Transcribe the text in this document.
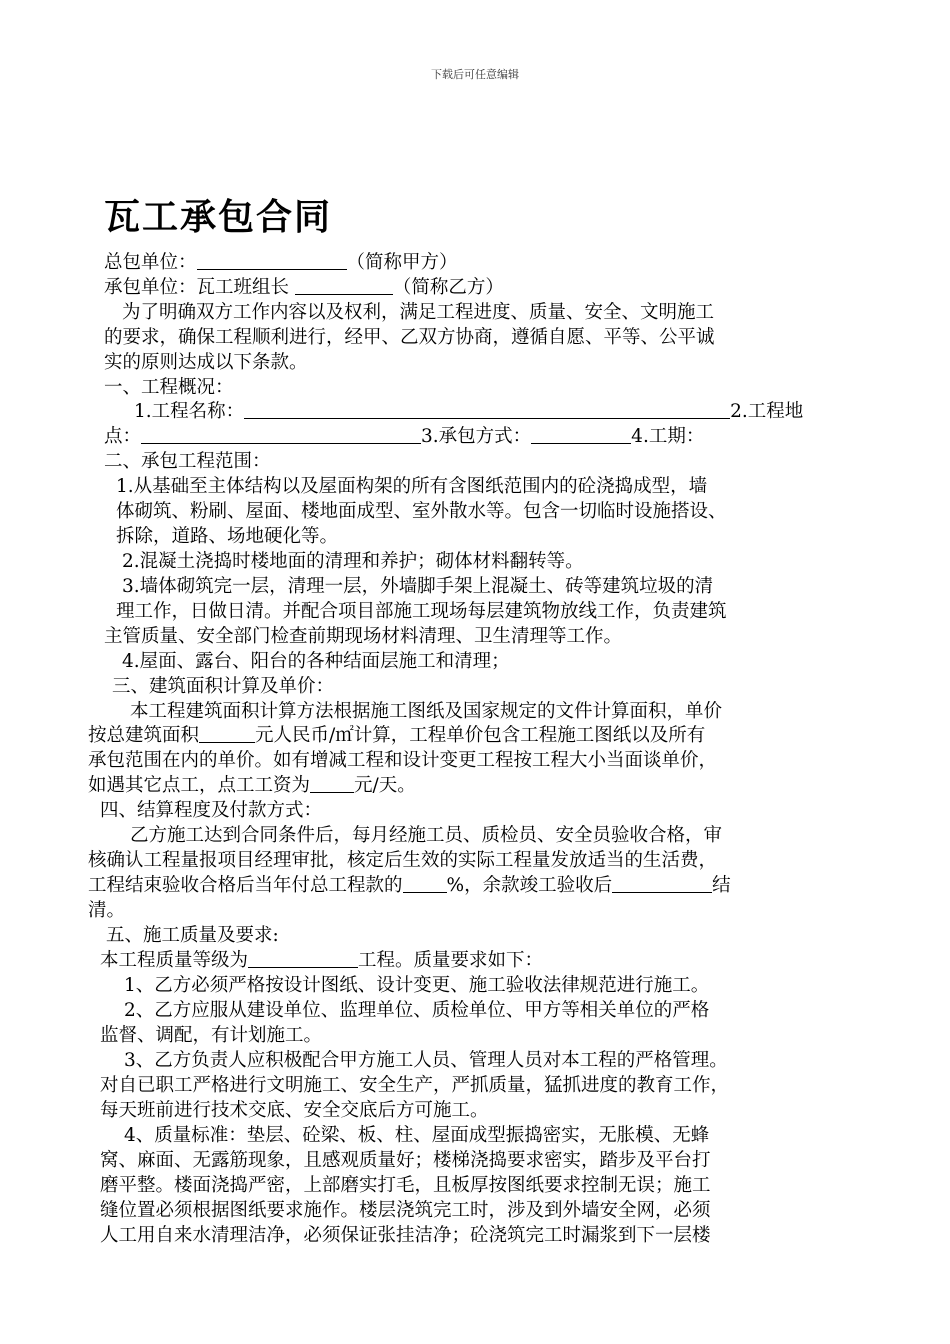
下载后可任意编辑
瓦工承包合同
总包单位：	（简称甲方）
承包单位：瓦工班组长	（简称乙方）
为了明确双方工作内容以及权利，满足工程进度、质量、安全、文明施工
的要求，确保工程顺利进行，经甲、乙双方协商，遵循自愿、平等、公平诚
实的原则达成以下条款。
一、工程概况：
1.工程名称：	2.工程地
点：	3.承包方式：	4.工期：
二、承包工程范围：
1.从基础至主体结构以及屋面构架的所有含图纸范围内的砼浇捣成型，墙
体砌筑、粉刷、屋面、楼地面成型、室外散水等。包含一切临时设施搭设、
拆除，道路、场地硬化等。
2.混凝土浇捣时楼地面的清理和养护；砌体材料翻转等。
3.墙体砌筑完一层，清理一层，外墙脚手架上混凝土、砖等建筑垃圾的清
理工作，日做日清。并配合项目部施工现场每层建筑物放线工作，负责建筑
主管质量、安全部门检查前期现场材料清理、卫生清理等工作。
4.屋面、露台、阳台的各种结面层施工和清理；
三、建筑面积计算及单价：
本工程建筑面积计算方法根据施工图纸及国家规定的文件计算面积，单价
按总建筑面积	元人民币/㎡计算，工程单价包含工程施工图纸以及所有
承包范围在内的单价。如有增减工程和设计变更工程按工程大小当面谈单价，
如遇其它点工，点工工资为 元/天。
四、结算程度及付款方式：
乙方施工达到合同条件后，每月经施工员、质检员、安全员验收合格，审
核确认工程量报项目经理审批，核定后生效的实际工程量发放适当的生活费，
工程结束验收合格后当年付总工程款的 %，余款竣工验收后	结
清。
五、施工质量及要求:
本工程质量等级为	工程。质量要求如下：
1、乙方必须严格按设计图纸、设计变更、施工验收法律规范进行施工。
2、乙方应服从建设单位、监理单位、质检单位、甲方等相关单位的严格
监督、调配，有计划施工。
3、乙方负责人应积极配合甲方施工人员、管理人员对本工程的严格管理。
对自已职工严格进行文明施工、安全生产，严抓质量，猛抓进度的教育工作，
每天班前进行技术交底、安全交底后方可施工。
4、质量标准：垫层、砼梁、板、柱、屋面成型振捣密实，无胀模、无蜂
窝、麻面、无露筋现象，且感观质量好；楼梯浇捣要求密实，踏步及平台打
磨平整。楼面浇捣严密，上部磨实打毛，且板厚按图纸要求控制无误；施工
缝位置必须根据图纸要求施作。楼层浇筑完工时，涉及到外墙安全网，必须
人工用自来水清理洁净，必须保证张挂洁净；砼浇筑完工时漏浆到下一层楼
